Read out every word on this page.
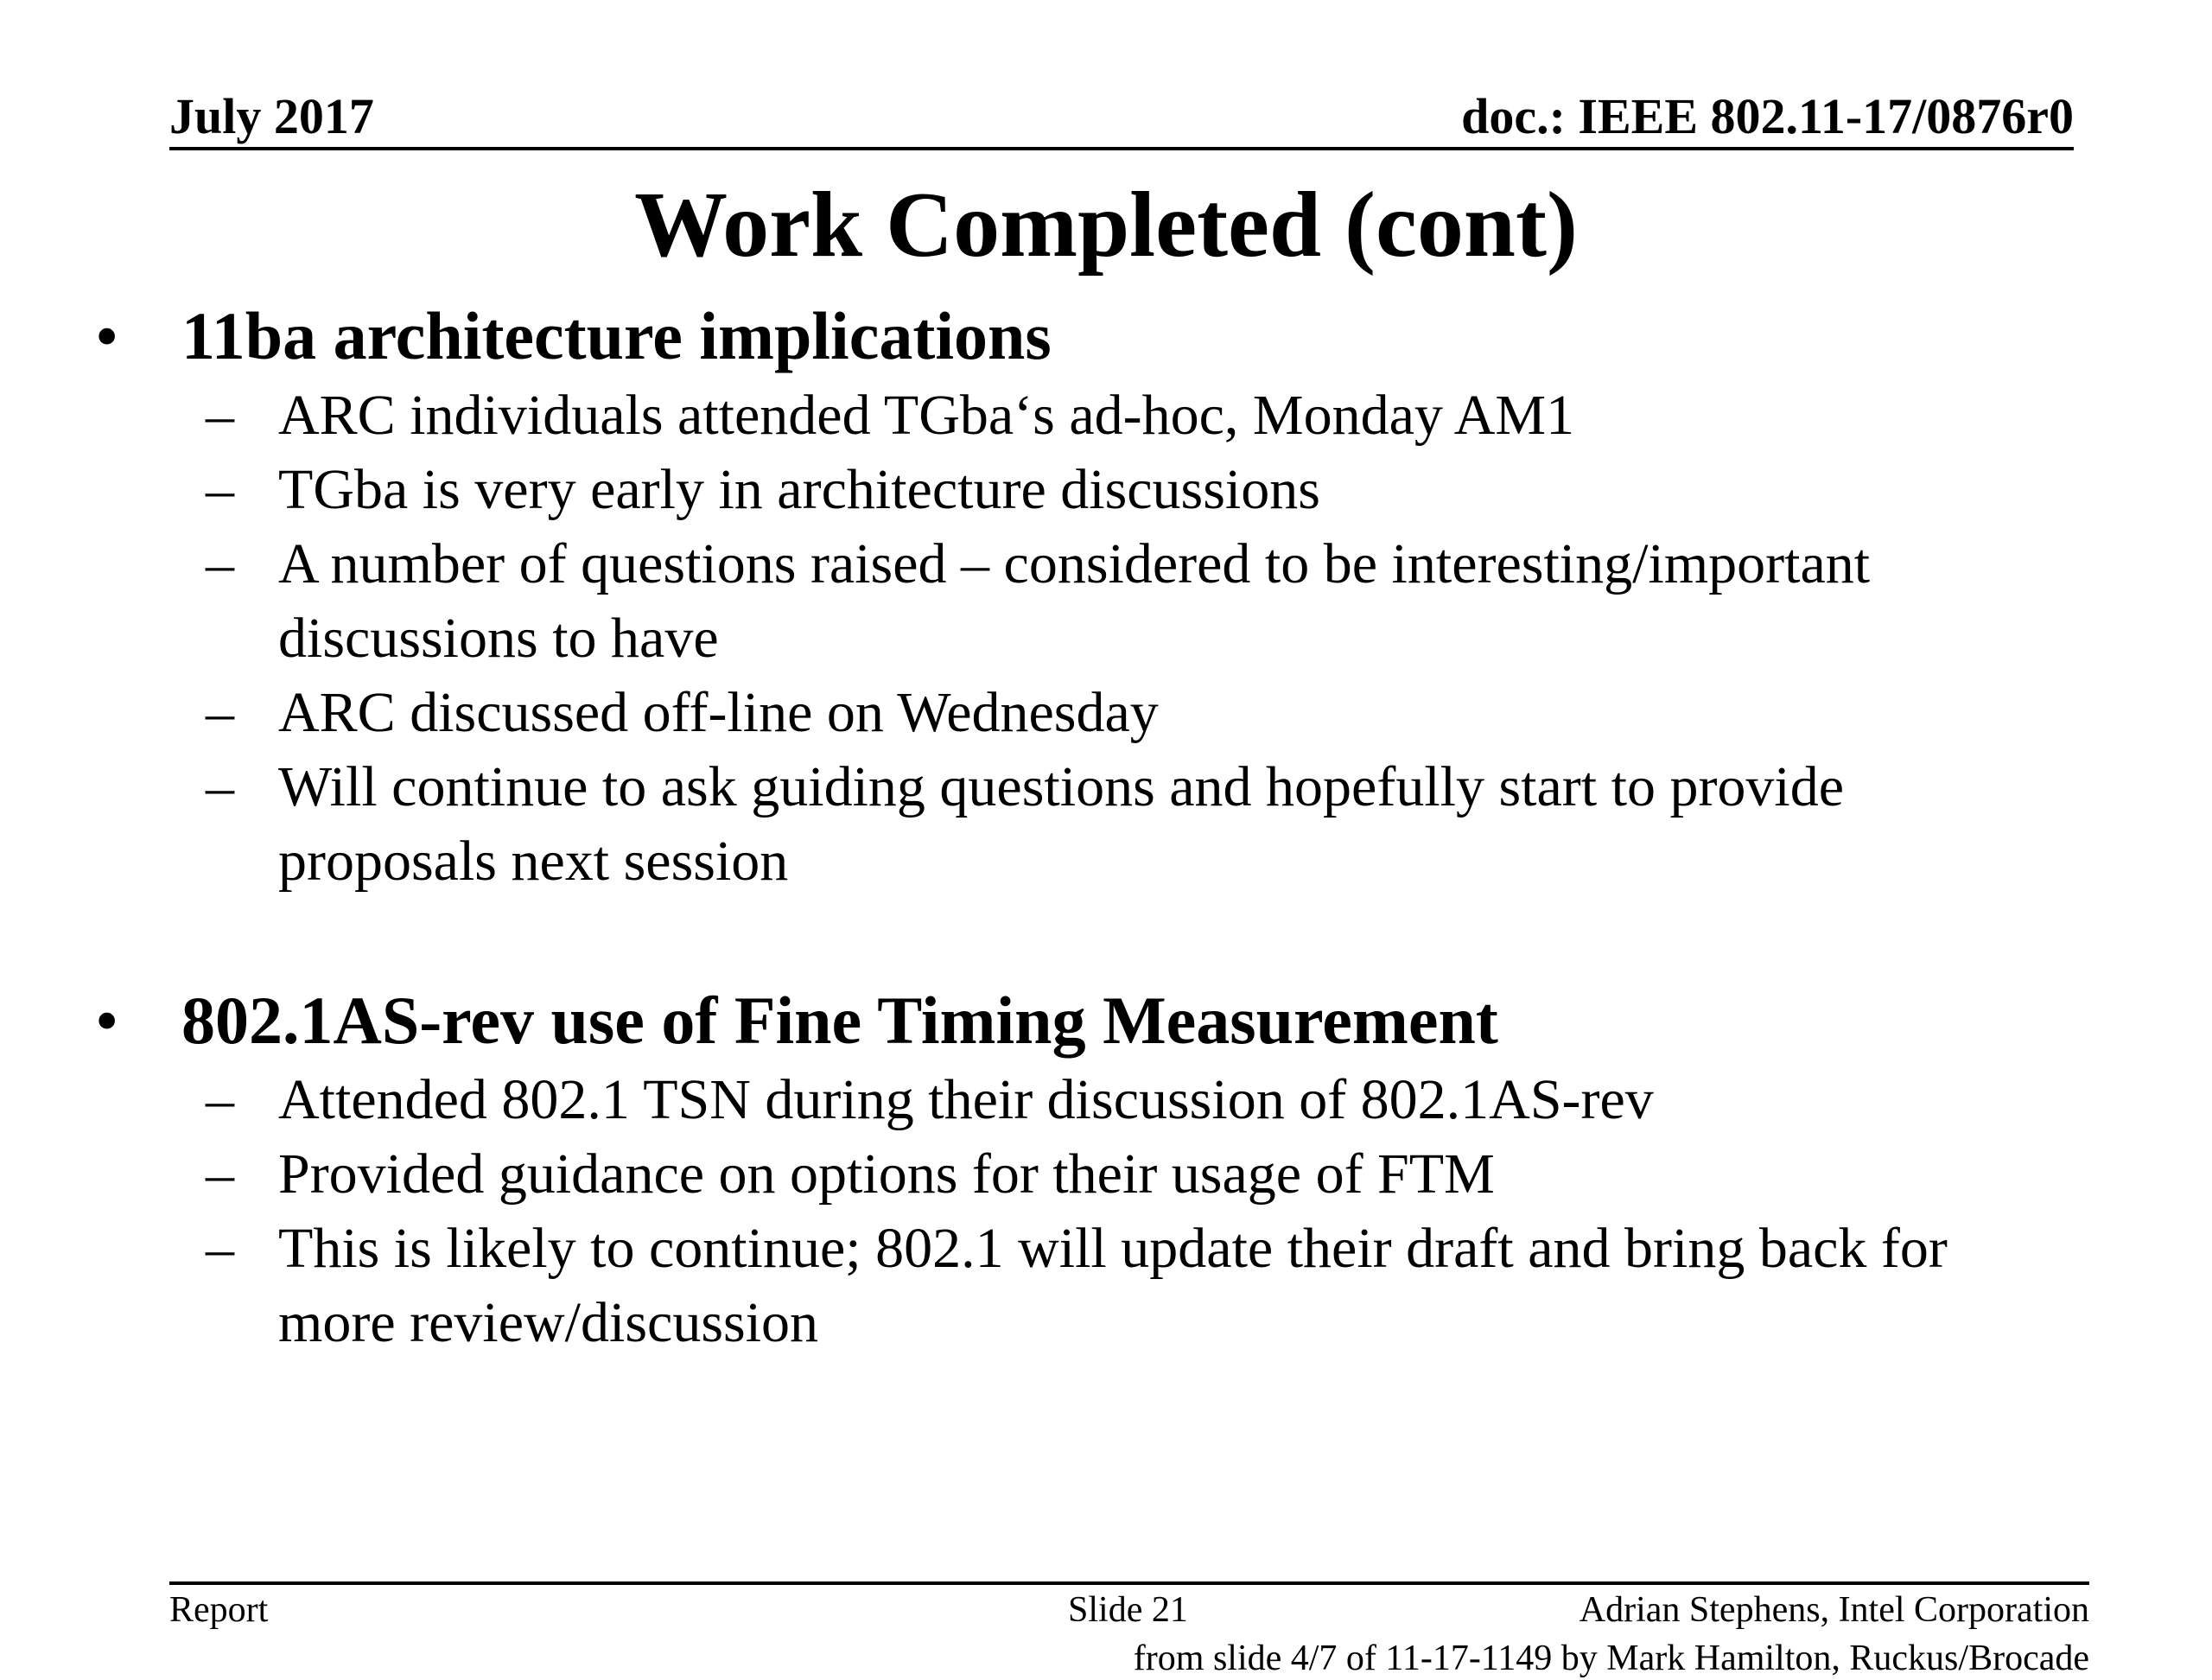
July 2017	doc.: IEEE 802.11-17/0876r0
Work Completed (cont)
• 11ba architecture implications
– ARC individuals attended TGba‘s ad-hoc, Monday AM1
– TGba is very early in architecture discussions
– A number of questions raised – considered to be interesting/important discussions to have
– ARC discussed off-line on Wednesday
– Will continue to ask guiding questions and hopefully start to provide proposals next session
• 802.1AS-rev use of Fine Timing Measurement
– Attended 802.1 TSN during their discussion of 802.1AS-rev
– Provided guidance on options for their usage of FTM
– This is likely to continue; 802.1 will update their draft and bring back for more review/discussion
Report	Slide 21	Adrian Stephens, Intel Corporation
from slide 4/7 of 11-17-1149 by Mark Hamilton, Ruckus/Brocade
